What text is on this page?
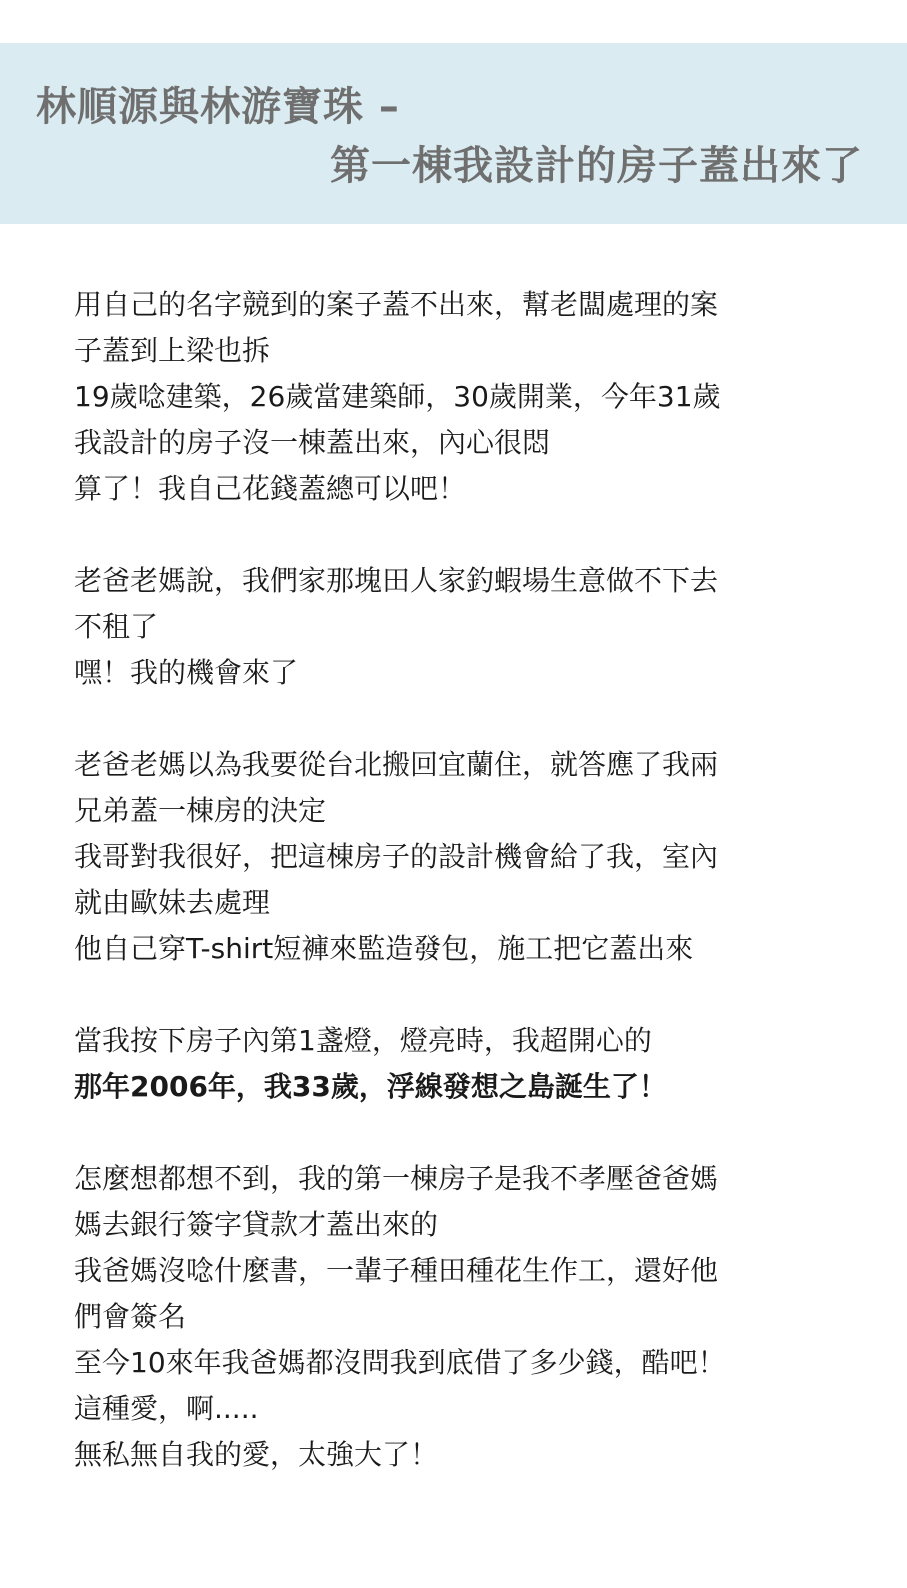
林順源與林游寶珠 –
第一棟我設計的房子蓋出來了
用自己的名字競到的案子蓋不出來，幫老闆處理的案
子蓋到上梁也拆
19歲唸建築，26歲當建築師，30歲開業，今年31歲
我設計的房子沒一棟蓋出來，內心很悶
算了！我自己花錢蓋總可以吧！
老爸老媽說，我們家那塊田人家釣蝦場生意做不下去
不租了
嘿！我的機會來了
老爸老媽以為我要從台北搬回宜蘭住，就答應了我兩
兄弟蓋一棟房的決定
我哥對我很好，把這棟房子的設計機會給了我，室內
就由歐妹去處理
他自己穿T-shirt短褲來監造發包，施工把它蓋出來
當我按下房子內第1盞燈，燈亮時，我超開心的
那年2006年，我33歲，浮線發想之島誕生了！
怎麼想都想不到，我的第一棟房子是我不孝壓爸爸媽
媽去銀行簽字貸款才蓋出來的
我爸媽沒唸什麼書，一輩子種田種花生作工，還好他
們會簽名
至今10來年我爸媽都沒問我到底借了多少錢，酷吧！
這種愛，啊.....
無私無自我的愛，太強大了！
